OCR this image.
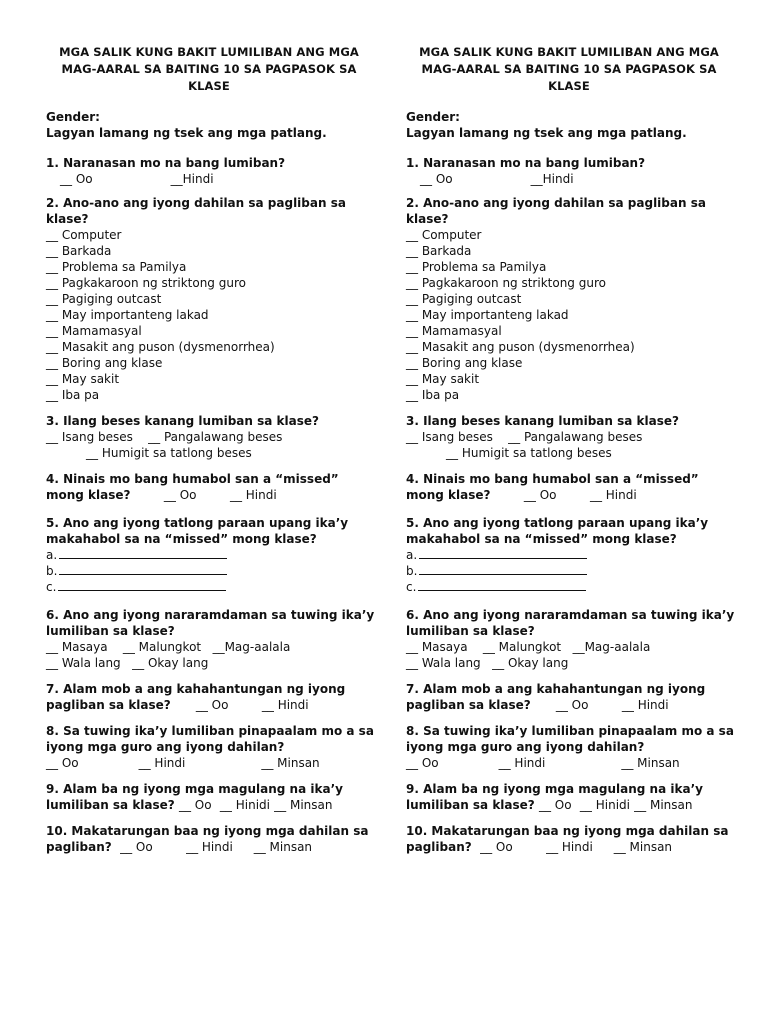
MGA SALIK KUNG BAKIT LUMILIBAN ANG MGA MAG-AARAL SA BAITING 10 SA PAGPASOK SA KLASE
Gender:
Lagyan lamang ng tsek ang mga patlang.
1. Naranasan mo na bang lumiban?
__ Oo	__Hindi
2. Ano-ano ang iyong dahilan sa pagliban sa klase?
__ Computer
__ Barkada
__ Problema sa Pamilya
__ Pagkakaroon ng striktong guro
__ Pagiging outcast
__ May importanteng lakad
__ Mamamasyal
__ Masakit ang puson (dysmenorrhea)
__ Boring ang klase
__ May sakit
__ Iba pa
3. Ilang beses kanang lumiban sa klase?
__ Isang beses __ Pangalawang beses
__ Humigit sa tatlong beses
4. Ninais mo bang humabol san a “missed” mong klase?	__ Oo	__ Hindi
5. Ano ang iyong tatlong paraan upang ika’y makahabol sa na “missed” mong klase?
a.
b.
c.
6. Ano ang iyong nararamdaman sa tuwing ika’y lumiliban sa klase?
__ Masaya __ Malungkot __Mag-aalala
__ Wala lang __ Okay lang
7. Alam mob a ang kahahantungan ng iyong pagliban sa klase? __ Oo	__ Hindi
8. Sa tuwing ika’y lumiliban pinapaalam mo a sa iyong mga guro ang iyong dahilan?
__ Oo	__ Hindi	__ Minsan
9. Alam ba ng iyong mga magulang na ika’y lumiliban sa klase? __ Oo __ Hinidi __ Minsan
10. Makatarungan baa ng iyong mga dahilan sa pagliban? __ Oo	__ Hindi __ Minsan
MGA SALIK KUNG BAKIT LUMILIBAN ANG MGA MAG-AARAL SA BAITING 10 SA PAGPASOK SA KLASE
Gender:
Lagyan lamang ng tsek ang mga patlang.
1. Naranasan mo na bang lumiban?
__ Oo	__Hindi
2. Ano-ano ang iyong dahilan sa pagliban sa klase?
__ Computer
__ Barkada
__ Problema sa Pamilya
__ Pagkakaroon ng striktong guro
__ Pagiging outcast
__ May importanteng lakad
__ Mamamasyal
__ Masakit ang puson (dysmenorrhea)
__ Boring ang klase
__ May sakit
__ Iba pa
3. Ilang beses kanang lumiban sa klase?
__ Isang beses __ Pangalawang beses
__ Humigit sa tatlong beses
4. Ninais mo bang humabol san a “missed” mong klase?	__ Oo	__ Hindi
5. Ano ang iyong tatlong paraan upang ika’y makahabol sa na “missed” mong klase?
a.
b.
c.
6. Ano ang iyong nararamdaman sa tuwing ika’y lumiliban sa klase?
__ Masaya __ Malungkot __Mag-aalala
__ Wala lang __ Okay lang
7. Alam mob a ang kahahantungan ng iyong pagliban sa klase? __ Oo	__ Hindi
8. Sa tuwing ika’y lumiliban pinapaalam mo a sa iyong mga guro ang iyong dahilan?
__ Oo	__ Hindi	__ Minsan
9. Alam ba ng iyong mga magulang na ika’y lumiliban sa klase? __ Oo __ Hinidi __ Minsan
10. Makatarungan baa ng iyong mga dahilan sa pagliban? __ Oo	__ Hindi __ Minsan
